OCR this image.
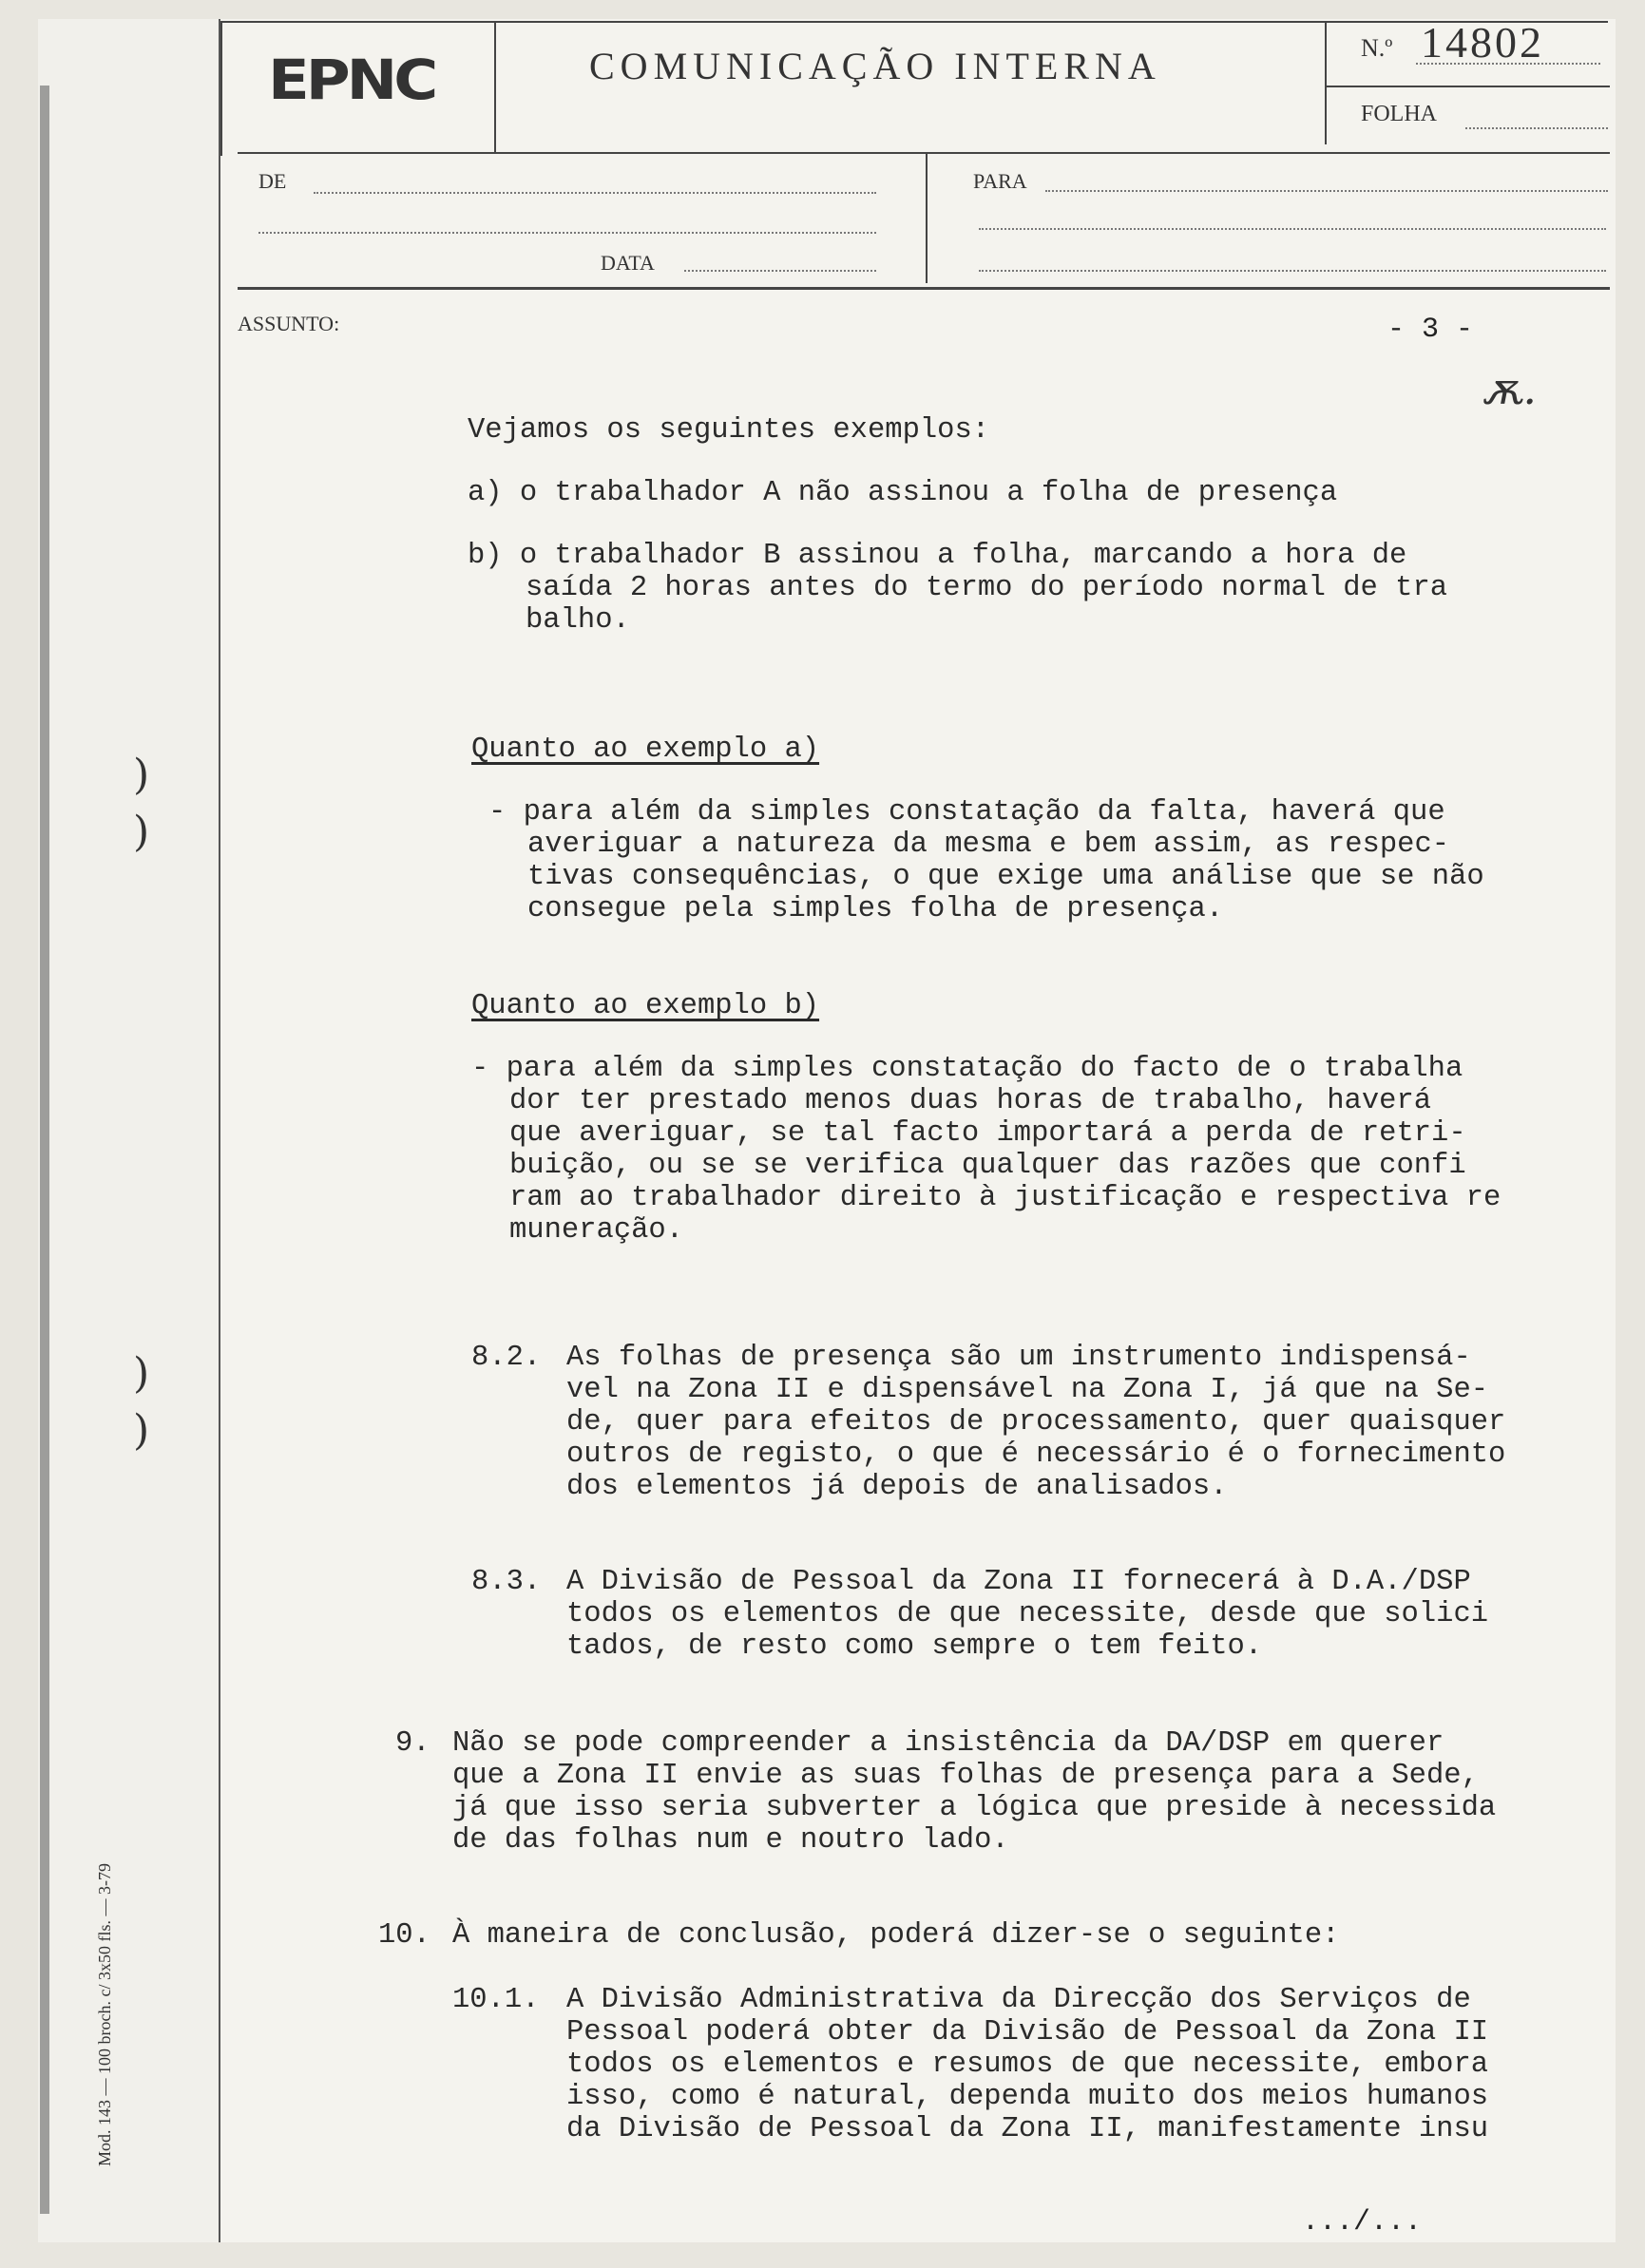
EPNC	COMUNICAÇÃO INTERNA	N.º 14802
FOLHA
DE
DATA
PARA
ASSUNTO:	- 3 -
ѫ.
Vejamos os seguintes exemplos:
a) o trabalhador A não assinou a folha de presença
b) o trabalhador B assinou a folha, marcando a hora de
saída 2 horas antes do termo do período normal de tra
balho.
Quanto ao exemplo a)
- para além da simples constatação da falta, haverá que
averiguar a natureza da mesma e bem assim, as respec-
tivas consequências, o que exige uma análise que se não
consegue pela simples folha de presença.
Quanto ao exemplo b)
- para além da simples constatação do facto de o trabalha
dor ter prestado menos duas horas de trabalho, haverá
que averiguar, se tal facto importará a perda de retri-
buição, ou se se verifica qualquer das razões que confi
ram ao trabalhador direito à justificação e respectiva re
muneração.
8.2. As folhas de presença são um instrumento indispensá-
vel na Zona II e dispensável na Zona I, já que na Se-
de, quer para efeitos de processamento, quer quaisquer
outros de registo, o que é necessário é o fornecimento
dos elementos já depois de analisados.
8.3. A Divisão de Pessoal da Zona II fornecerá à D.A./DSP
todos os elementos de que necessite, desde que solici
tados, de resto como sempre o tem feito.
9. Não se pode compreender a insistência da DA/DSP em querer
que a Zona II envie as suas folhas de presença para a Sede,
já que isso seria subverter a lógica que preside à necessida
de das folhas num e noutro lado.
10. À maneira de conclusão, poderá dizer-se o seguinte:
10.1. A Divisão Administrativa da Direcção dos Serviços de
Pessoal poderá obter da Divisão de Pessoal da Zona II
todos os elementos e resumos de que necessite, embora
isso, como é natural, dependa muito dos meios humanos
da Divisão de Pessoal da Zona II, manifestamente insu
.../...
Mod. 143 — 100 broch. c/ 3x50 fls. — 3-79
)
)
)
)
